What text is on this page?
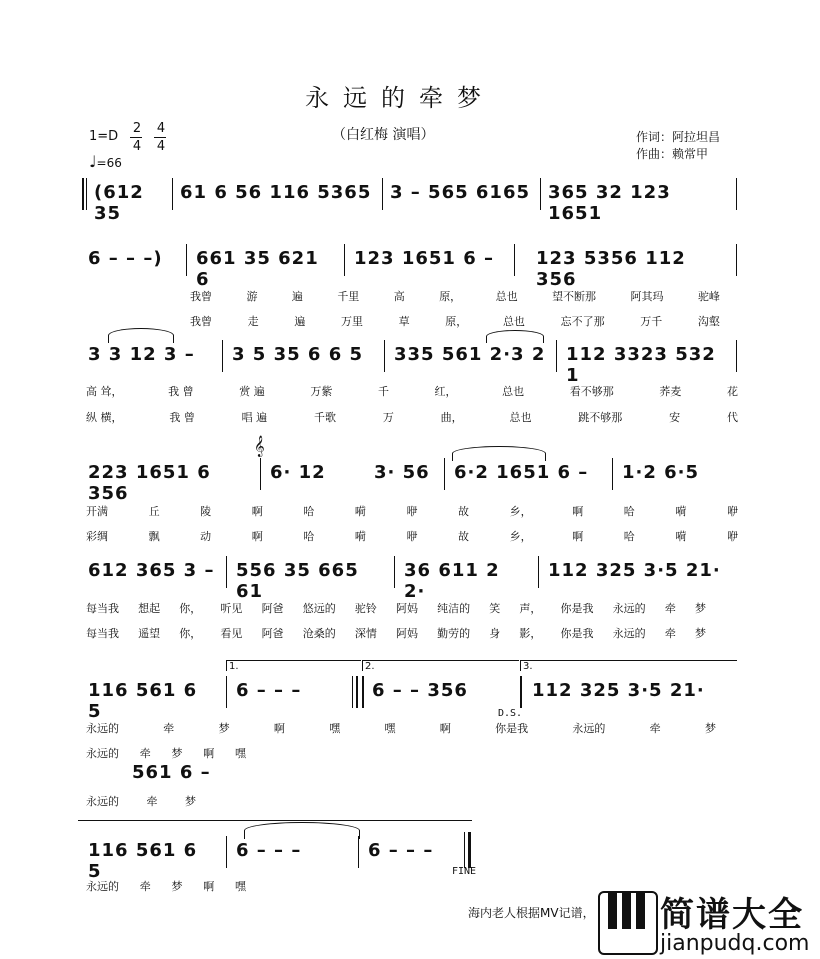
永远的牵梦
（白红梅 演唱）	作词：阿拉坦昌
作曲：赖常甲
1=D
2
4
4
4
♩=66
(612 35
61 6 56 116 5365	3 – 565 6165	365 32 123 1651
6 – – –)	661 35 621 6
123 1651 6 –	123 5356 112 356
我曾	游	遍	千里	高	原，	总也	望不断那	阿其玛	驼峰
我曾	走	遍	万里	草	原，	总也	忘不了那	万千	沟壑
3 3 12 3 –	3 5 35 6 6 5	335 561 2·3 2	112 3323 532 1
高 耸，	我 曾	赏 遍	万紫	千	红，	总也	看不够那	荞麦	花
纵 横，	我 曾	唱 遍	千歌	万	曲，	总也	跳不够那	安	代
223 1651 6 356
𝄞
6· 12	3· 56	6·2 1651 6 –	1·2 6·5
开满	丘	陵	啊	哈	嗬	咿	故	乡，	啊	哈	嗬	咿
彩绸	飘	动	啊	哈	嗬	咿	故	乡，	啊	哈	嗬	咿
612 365 3 –	556 35 665 61
36 611 2 2·
112 325 3·5 21·
每当我 想起 你， 听见 阿爸 悠远的 驼铃 阿妈 纯洁的 笑 声， 你是我 永远的 牵 梦
每当我 遥望 你， 看见 阿爸 沧桑的 深情 阿妈 勤劳的 身 影， 你是我 永远的 牵 梦
1.	2.	3.
116 561 6 5
6 – – –	6 – – 356
D.S.
112 325 3·5 21·
永远的	牵	梦	啊	嘿	嘿	啊	你是我	永远的	牵	梦
永远的 牵 梦 啊 嘿
561 6 –
永远的	牵	梦
116 561 6 5
6 – – –	6 – – –
FINE
永远的 牵 梦 啊 嘿
海内老人根据MV记谱， 简谱大全
jianpudq.com
